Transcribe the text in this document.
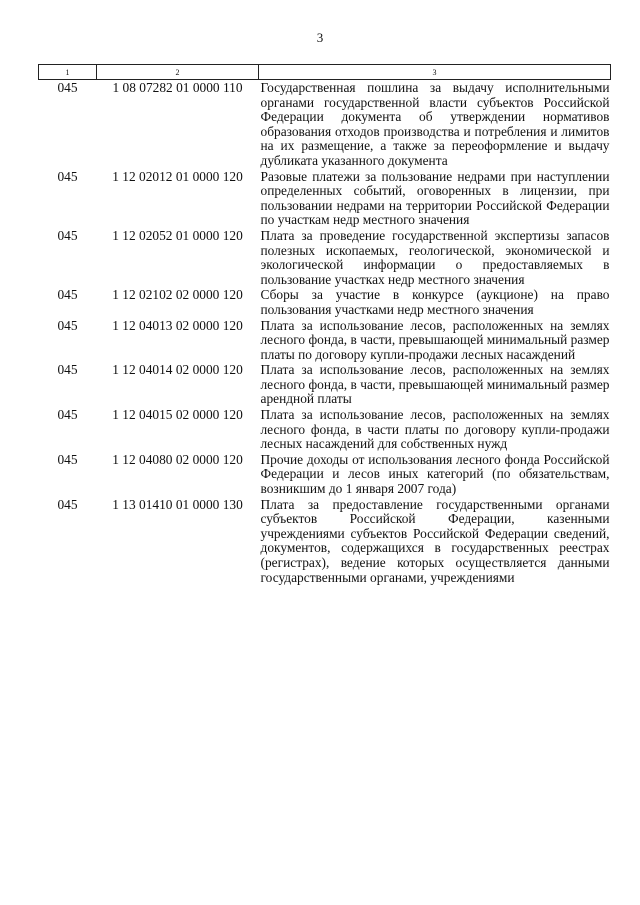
3
1	2	3
045	1 08 07282 01 0000 110	Государственная пошлина за выдачу исполнительными органами государственной власти субъектов Российской Федерации документа об утверждении нормативов образования отходов производства и потребления и лимитов на их размещение, а также за переоформление и выдачу дубликата указанного документа
045	1 12 02012 01 0000 120	Разовые платежи за пользование недрами при наступлении определенных событий, оговоренных в лицензии, при пользовании недрами на территории Российской Федерации по участкам недр местного значения
045	1 12 02052 01 0000 120	Плата за проведение государственной экспертизы запасов полезных ископаемых, геологической, экономической и экологической информации о предоставляемых в пользование участках недр местного значения
045	1 12 02102 02 0000 120	Сборы за участие в конкурсе (аукционе) на право пользования участками недр местного значения
045	1 12 04013 02 0000 120	Плата за использование лесов, расположенных на землях лесного фонда, в части, превышающей минимальный размер платы по договору купли-продажи лесных насаждений
045	1 12 04014 02 0000 120	Плата за использование лесов, расположенных на землях лесного фонда, в части, превышающей минимальный размер арендной платы
045	1 12 04015 02 0000 120	Плата за использование лесов, расположенных на землях лесного фонда, в части платы по договору купли-продажи лесных насаждений для собственных нужд
045	1 12 04080 02 0000 120	Прочие доходы от использования лесного фонда Российской Федерации и лесов иных категорий (по обязательствам, возникшим до 1 января 2007 года)
045	1 13 01410 01 0000 130	Плата за предоставление государственными органами субъектов Российской Федерации, казенными учреждениями субъектов Российской Федерации сведений, документов, содержащихся в государственных реестрах (регистрах), ведение которых осуществляется данными государственными органами, учреждениями
